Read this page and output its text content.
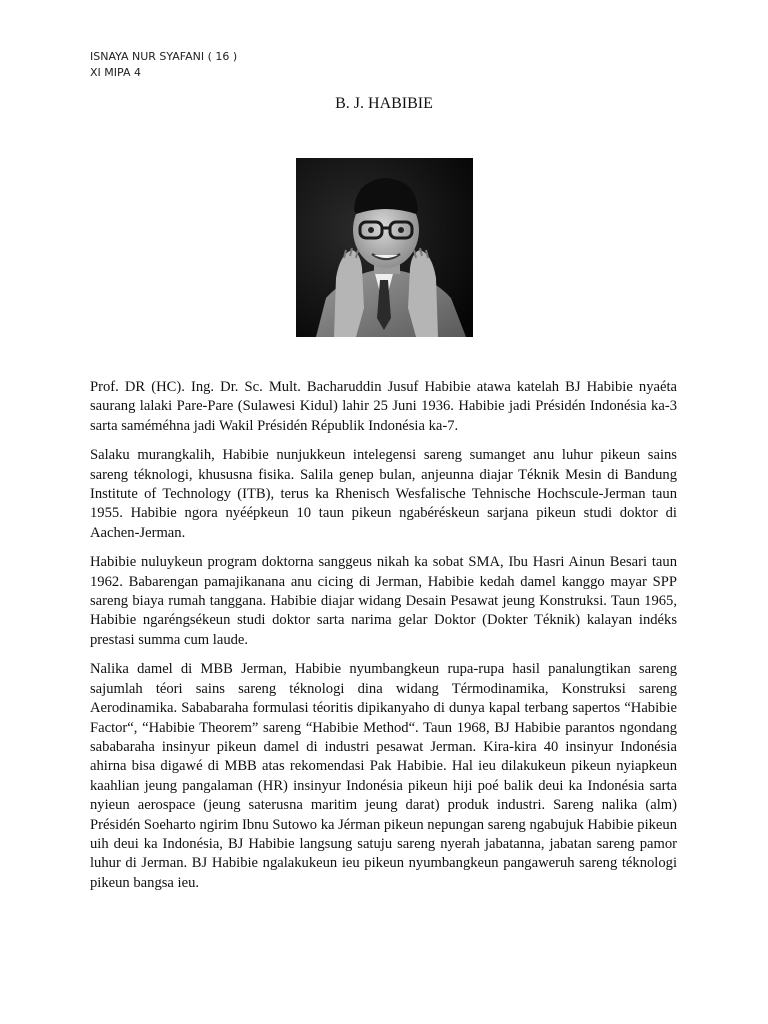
ISNAYA NUR SYAFANI ( 16 )
XI MIPA 4
B. J. HABIBIE

Prof. DR (HC). Ing. Dr. Sc. Mult. Bacharuddin Jusuf Habibie atawa katelah BJ Habibie nyaéta saurang lalaki Pare-Pare (Sulawesi Kidul) lahir 25 Juni 1936. Habibie jadi Présidén Indonésia ka-3 sarta saméméhna jadi Wakil Présidén Républik Indonésia ka-7.

Salaku murangkalih, Habibie nunjukkeun intelegensi sareng sumanget anu luhur pikeun sains sareng téknologi, khususna fisika. Salila genep bulan, anjeunna diajar Téknik Mesin di Bandung Institute of Technology (ITB), terus ka Rhenisch Wesfalische Tehnische Hochscule-Jerman taun 1955. Habibie ngora nyéépkeun 10 taun pikeun ngabéréskeun sarjana pikeun studi doktor di Aachen-Jerman.

Habibie nuluykeun program doktorna sanggeus nikah ka sobat SMA, Ibu Hasri Ainun Besari taun 1962. Babarengan pamajikanana anu cicing di Jerman, Habibie kedah damel kanggo mayar SPP sareng biaya rumah tanggana. Habibie diajar widang Desain Pesawat jeung Konstruksi. Taun 1965, Habibie ngaréngsékeun studi doktor sarta narima gelar Doktor (Dokter Téknik) kalayan indéks prestasi summa cum laude.

Nalika damel di MBB Jerman, Habibie nyumbangkeun rupa-rupa hasil panalungtikan sareng sajumlah téori sains sareng téknologi dina widang Térmodinamika, Konstruksi sareng Aerodinamika. Sababaraha formulasi téoritis dipikanyaho di dunya kapal terbang sapertos “Habibie Factor“, “Habibie Theorem” sareng “Habibie Method“. Taun 1968, BJ Habibie parantos ngondang sababaraha insinyur pikeun damel di industri pesawat Jerman. Kira-kira 40 insinyur Indonésia ahirna bisa digawé di MBB atas rekomendasi Pak Habibie. Hal ieu dilakukeun pikeun nyiapkeun kaahlian jeung pangalaman (HR) insinyur Indonésia pikeun hiji poé balik deui ka Indonésia sarta nyieun aerospace (jeung saterusna maritim jeung darat) produk industri. Sareng nalika (alm) Présidén Soeharto ngirim Ibnu Sutowo ka Jérman pikeun nepungan sareng ngabujuk Habibie pikeun uih deui ka Indonésia, BJ Habibie langsung satuju sareng nyerah jabatanna, jabatan sareng pamor luhur di Jerman. BJ Habibie ngalakukeun ieu pikeun nyumbangkeun pangaweruh sareng téknologi pikeun bangsa ieu.
